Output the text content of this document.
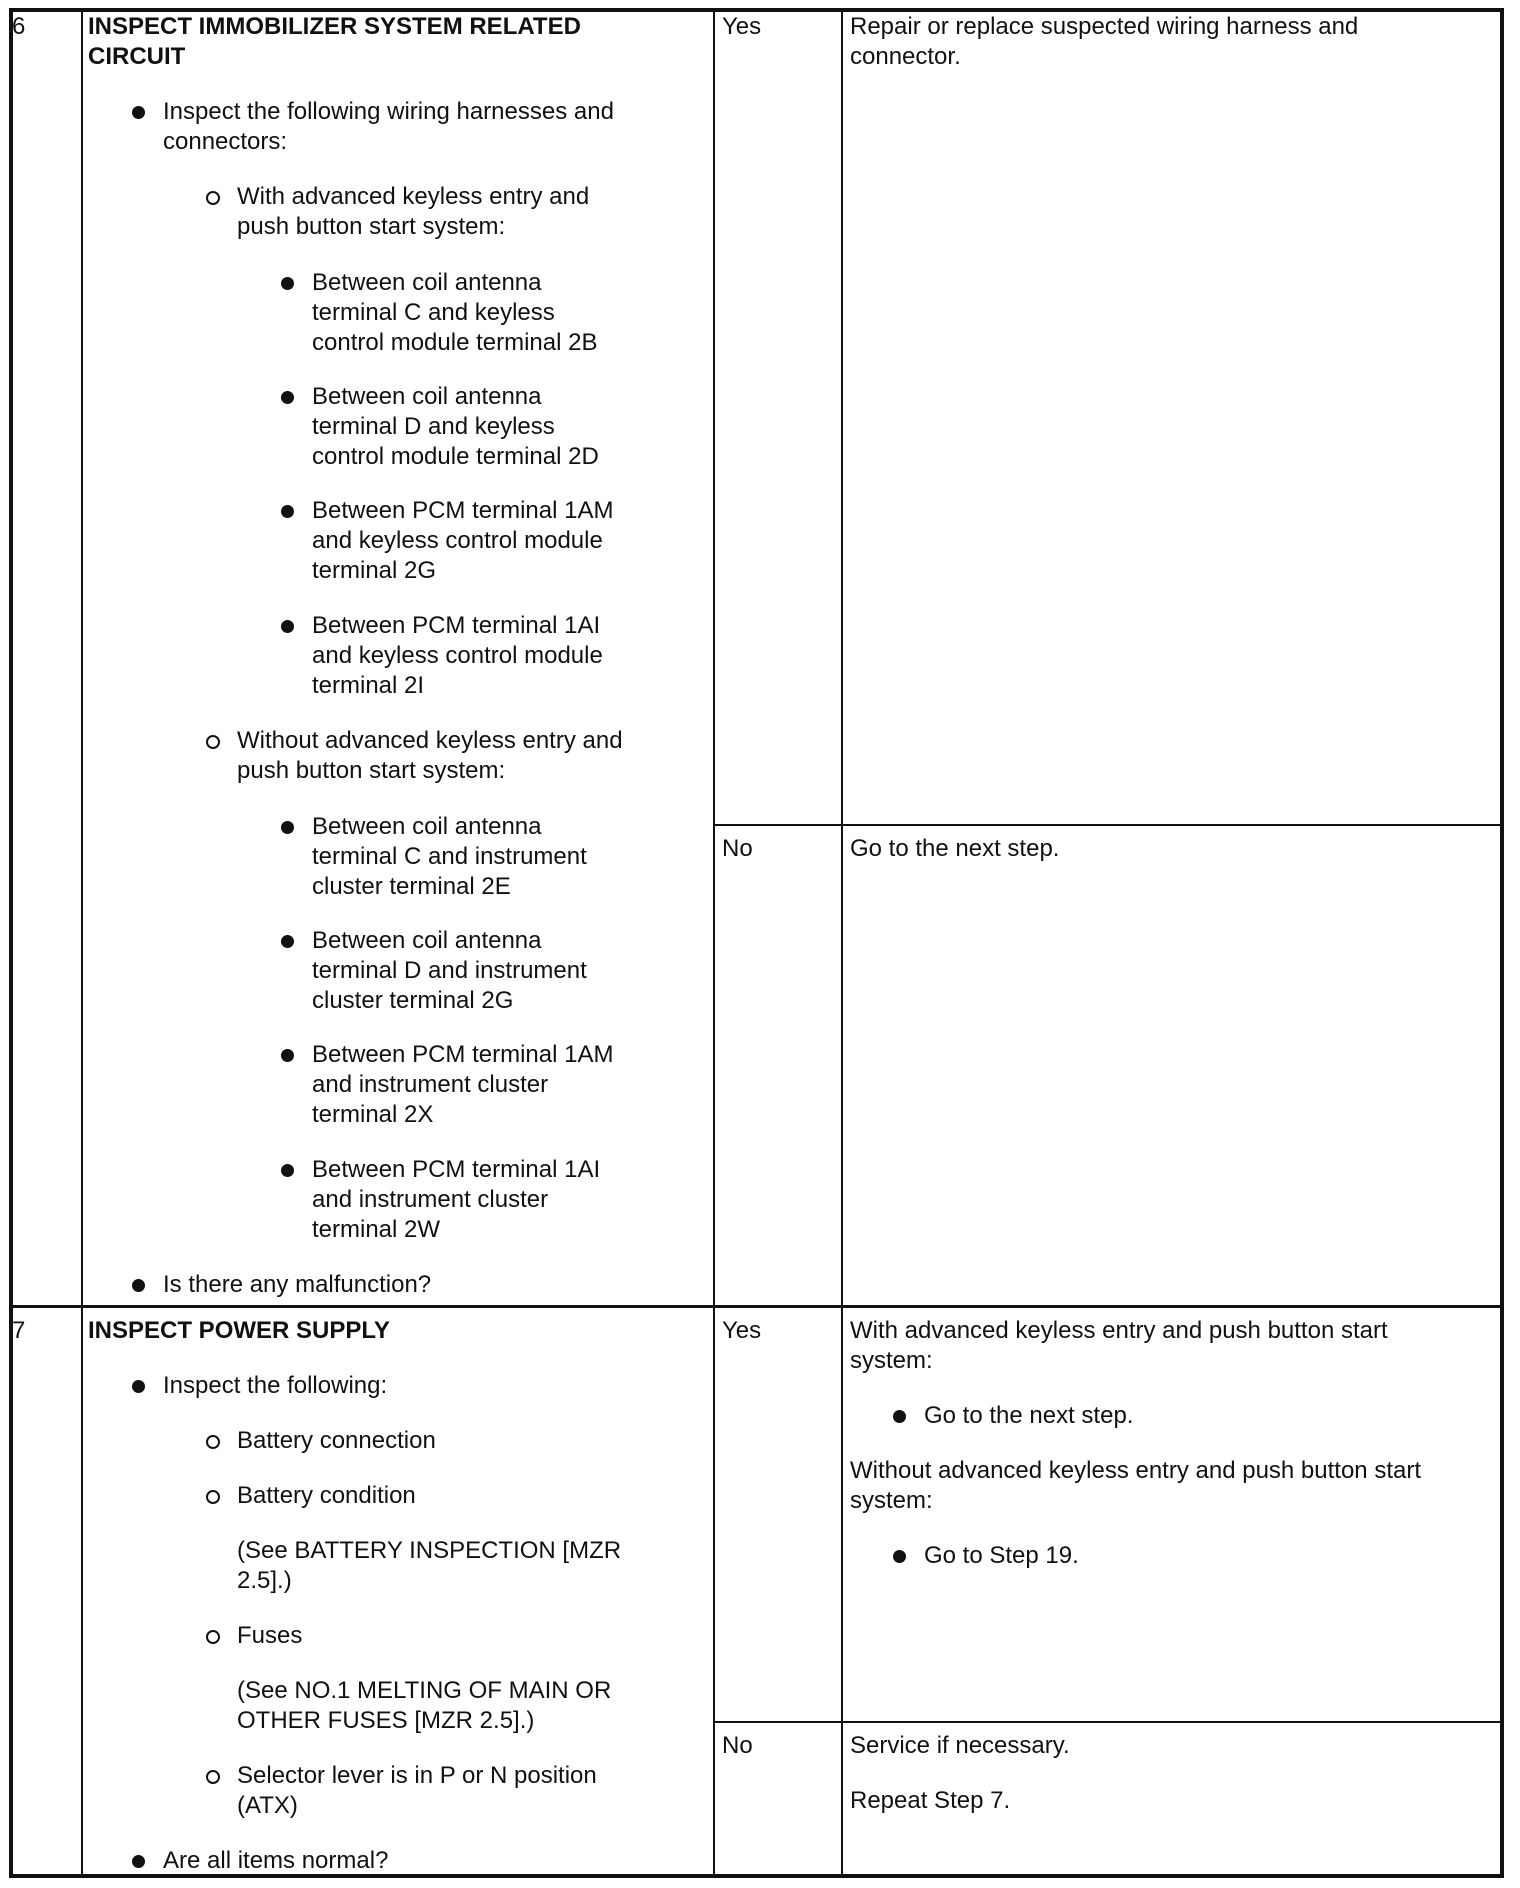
6	INSPECT IMMOBILIZER SYSTEM RELATED
CIRCUIT
Inspect the following wiring harnesses and
connectors:
With advanced keyless entry and
push button start system:
Between coil antenna
terminal C and keyless
control module terminal 2B
Between coil antenna
terminal D and keyless
control module terminal 2D
Between PCM terminal 1AM
and keyless control module
terminal 2G
Between PCM terminal 1AI
and keyless control module
terminal 2I
Without advanced keyless entry and
push button start system:
Between coil antenna
terminal C and instrument
cluster terminal 2E
Between coil antenna
terminal D and instrument
cluster terminal 2G
Between PCM terminal 1AM
and instrument cluster
terminal 2X
Between PCM terminal 1AI
and instrument cluster
terminal 2W
Is there any malfunction?
Yes	Repair or replace suspected wiring harness and
connector.
No	Go to the next step.
7	INSPECT POWER SUPPLY
Inspect the following:
Battery connection
Battery condition
(See BATTERY INSPECTION [MZR
2.5].)
Fuses
(See NO.1 MELTING OF MAIN OR
OTHER FUSES [MZR 2.5].)
Selector lever is in P or N position
(ATX)
Are all items normal?
Yes	With advanced keyless entry and push button start
system:
Go to the next step.
Without advanced keyless entry and push button start
system:
Go to Step 19.
No	Service if necessary.
Repeat Step 7.
